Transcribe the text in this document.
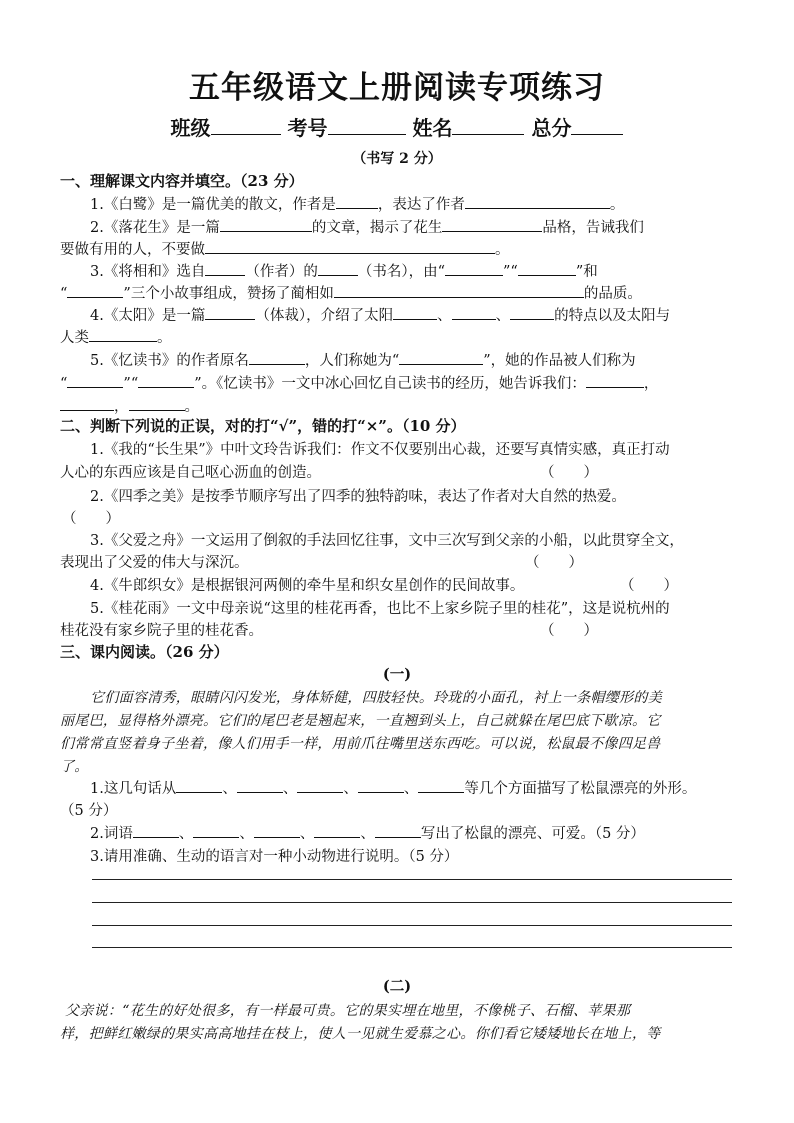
五年级语文上册阅读专项练习
班级	考号	姓名	总分
（书写 2 分）
一、理解课文内容并填空。（23 分）
1.《白鹭》是一篇优美的散文，作者是	，表达了作者	。
2.《落花生》是一篇	的文章，揭示了花生	品格，告诫我们
要做有用的人，不要做	。
3.《将相和》选自	（作者）的	（书名），由“	”“	”和
“	”三个小故事组成，赞扬了蔺相如	的品质。
4.《太阳》是一篇	（体裁），介绍了太阳	、	、	的特点以及太阳与
人类	。
5.《忆读书》的作者原名	，人们称她为“	”，她的作品被人们称为
“	”“	”。《忆读书》一文中冰心回忆自己读书的经历，她告诉我们：	，
，	。
二、判断下列说的正误，对的打“√”，错的打“×”。（10 分）
1.《我的“长生果”》中叶文玲告诉我们：作文不仅要别出心裁，还要写真情实感，真正打动
人心的东西应该是自己呕心沥血的创造。	（　　）
2.《四季之美》是按季节顺序写出了四季的独特韵味，表达了作者对大自然的热爱。
（　　）
3.《父爱之舟》一文运用了倒叙的手法回忆往事，文中三次写到父亲的小船，以此贯穿全文，
表现出了父爱的伟大与深沉。	（　　）
4.《牛郎织女》是根据银河两侧的牵牛星和织女星创作的民间故事。	（　　）
5.《桂花雨》一文中母亲说“这里的桂花再香，也比不上家乡院子里的桂花”，这是说杭州的
桂花没有家乡院子里的桂花香。	（　　）
三、课内阅读。（26 分）
(一)
它们面容清秀，眼睛闪闪发光，身体矫健，四肢轻快。玲珑的小面孔，衬上一条帽缨形的美
丽尾巴，显得格外漂亮。它们的尾巴老是翘起来，一直翘到头上，自己就躲在尾巴底下歇凉。它
们常常直竖着身子坐着，像人们用手一样，用前爪往嘴里送东西吃。可以说，松鼠最不像四足兽
了。
1.这几句话从	、	、	、	、	等几个方面描写了松鼠漂亮的外形。
（5 分）
2.词语	、	、	、	、	写出了松鼠的漂亮、可爱。（5 分）
3.请用准确、生动的语言对一种小动物进行说明。（5 分）
(二)
父亲说：“花生的好处很多，有一样最可贵。它的果实埋在地里，不像桃子、石榴、苹果那
样，把鲜红嫩绿的果实高高地挂在枝上，使人一见就生爱慕之心。你们看它矮矮地长在地上，等
